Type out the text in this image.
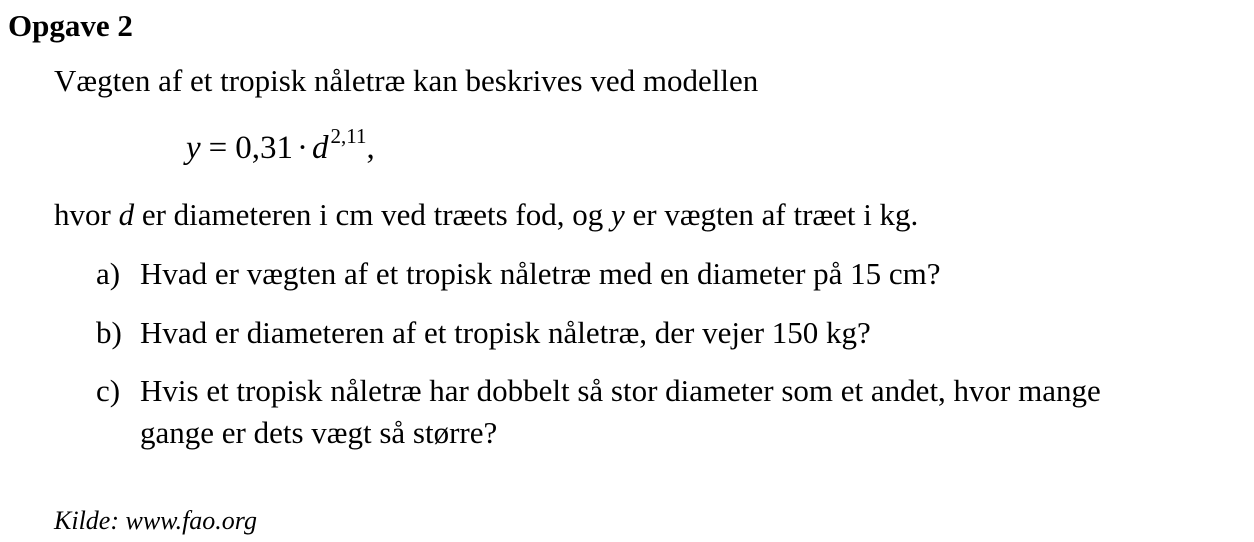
Opgave 2
Vægten af et tropisk nåletræ kan beskrives ved modellen
$y = 0,31 \cdot d^{2,11}$,
hvor d er diameteren i cm ved træets fod, og y er vægten af træet i kg.
a) Hvad er vægten af et tropisk nåletræ med en diameter på 15 cm?
b) Hvad er diameteren af et tropisk nåletræ, der vejer 150 kg?
c) Hvis et tropisk nåletræ har dobbelt så stor diameter som et andet, hvor mange
gange er dets vægt så større?
Kilde: www.fao.org
